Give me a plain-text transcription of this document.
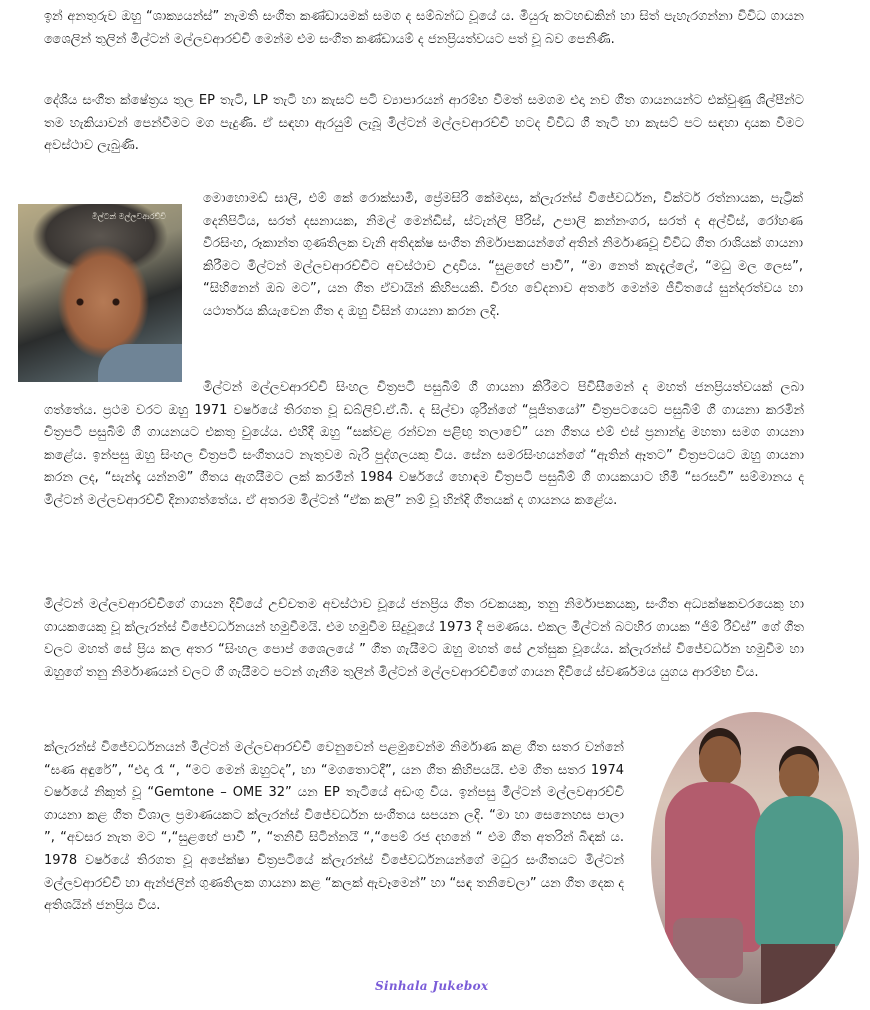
ඉන් අනතුරුව ඔහු “ශාක්‍යයන්ස්” නැමති සංගීත කණ්ඩායමක් සමග ද සම්බන්ධ වූයේ ය. මියුරු කටහඬකින් හා සිත් පැහැරගන්නා විවිධ ගායන ශෛලින් තුලින් මිල්ටන් මල්ලවආරච්චි මෙන්ම එම සංගීත කණ්ඩායම් ද ජනප්‍රියත්වයට පත් වූ බව පෙනිණි.

දේශීය සංගීත ක්ෂේත්‍රය තුල EP තැටි, LP තැටි හා කැසට් පටි ව්‍යාපාරයන් ආරම්භ වීමත් සමගම එදා නව ගීත ගායනයන්ට එක්වුණු ශිල්පීන්ට තම හැකියාවන් පෙන්වීමට මග පැදුණි. ඒ සඳහා ඇරයුම් ලැබූ මිල්ටන් මල්ලවආරච්චි හටද විවිධ ගී තැටි හා කැසට් පට සඳහා දායක වීමට අවස්ථාව ලැබුණි.

මිල්ටන් මල්ලවආරච්චි

මොහොමඩ් සාලි, එම් කේ රොක්සාමි, ප්‍රේමසිරි කේමදාස, ක්ලැරන්ස් විජේවර්ධන, වික්ටර් රත්නායක, පැට්‍රික් දෙනිපිටිය, සරත් දසනායක, නිමල් මෙන්ඩිස්, ස්ටැන්ලි පීරිස්, උපාලි කන්නංගර, සරත් ද අල්විස්, රෝහණ වීරසිංහ, රූකාන්ත ගුණතිලක වැනි අතිදක්ෂ සංගීත නිර්මාපකයන්ගේ අතින් නිර්මාණවූ විවිධ ගීත රාශියක් ගායනා කිරීමට මිල්ටන් මල්ලවආරච්චිට අවස්ථාව උදාවිය. “සුළඟේ පාවී”, “මා නෙත් කැදැල්ලේ, “මධු මල ලෙස”, “සිහිනෙන් ඔබ මට”, යන ගීත ඒවායින් කිහිපයකි. විරහ වේදනාව අතරේ මෙන්ම ජීවිතයේ සුන්දරත්වය හා යථාර්තය කියැවෙන ගීත ද ඔහු විසින් ගායනා කරන ලදි.

මිල්ටන් මල්ලවආරච්චි සිංහල චිත්‍රපටි පසුබිම් ගී ගායනා කිරීමට පිවිසීමෙන් ද මහත් ජනප්‍රියත්වයක් ලබා ගත්තේය. ප්‍රථම වරට ඔහු 1971 වර්ෂයේ තිරගත වූ ඩබ්ලිව්.ඒ.බී. ද සිල්වා ශූරීන්ගේ “පූජිතයෝ” චිත්‍රපටයෙට පසුබිම් ගී ගායනා කරමින් චිත්‍රපටි පසුබිම් ගී ගායනයට එකතු වුයේය. එහිදී ඔහු “සක්වළ රන්වන පළිඟු තලාවේ” යන ගීතය එම් එස් ප්‍රනාන්දු මහතා සමග ගායනා කළේය. ඉන්පසු ඔහු සිංහල චිත්‍රපටි සංගීතයට නැතුවම බැරි පුද්ගලයකු විය. සේන සමරසිංහයන්ගේ “ඇතින් ඈතට” චිත්‍රපටයට ඔහු ගායනා කරන ලද, “සැන්දෑ යන්නම්” ගීතය ඇගයීමට ලක් කරමින් 1984 වර්ෂයේ හොඳම චිත්‍රපටි පසුබිම් ගී ගායකයාට හිමි “සරසවි” සම්මානය ද මිල්ටන් මල්ලවආරච්චි දිනාගත්තේය. ඒ අතරම මිල්ටන් “ඒක කලි” නම් වූ හින්දි ගීතයක් ද ගායනය කළේය.

මිල්ටන් මල්ලවආරච්චිගේ ගායන දිවියේ උච්චතම අවස්ථාව වූයේ ජනප්‍රිය ගීත රචකයකු, තනු නිර්මාපකයකු, සංගීත අධ්‍යක්ෂකවරයෙකු හා ගායකයෙකු වූ ක්ලැරන්ස් විජේවර්ධනයන් හමුවීමයි. එම හමුවීම සිදුවූයේ 1973 දී පමණය. එකල මිල්ටන් බටහිර ගායක “ජිම් රීව්ස්” ගේ ගීත වලට මහත් සේ ප්‍රිය කල අතර “සිංහල පොප් ශෛලයේ ” ගීත ගැයීමට ඔහු මහත් සේ උත්සුක වූයේය. ක්ලැරන්ස් විජේවර්ධන හමුවීම හා ඔහුගේ තනු නිර්මාණයන් වලට ගී ගැයීමට පටන් ගැනීම තුලින් මිල්ටන් මල්ලවආරච්චිගේ ගායන දිවියේ ස්වර්ණමය යුගය ආරම්භ විය.

ක්ලැරන්ස් විජේවර්ධනයන් මිල්ටන් මල්ලවආරච්චි වෙනුවෙන් පළමුවෙන්ම නිර්මාණ කළ ගීත සතර වන්නේ “ඝණ අඳුරේ”, “එදා රෑ “, “මට මෙන් ඔහුටද”, හා “මගතොටදී”, යන ගීත කිහිපයයි. එම ගීත සතර 1974 වර්ෂයේ නිකුත් වූ “Gemtone – OME 32” යන EP තැටියේ අඩංගු විය. ඉන්පසු මිල්ටන් මල්ලවආරච්චි ගායනා කළ ගීත විශාල ප්‍රමාණයකට ක්ලැරන්ස් විජේවර්ධන සංගීතය සපයන ලදි. “මා හා සෙනෙහස පාලා ”, “අවසර නැත මට “,“සුළඟේ පාවී ”, “තනිවී සිටින්නයි “,“පෙම් රජ දහනේ “ එම ගීත අතරින් බිඳක් ය. 1978 වර්ෂයේ තිරගත වූ අපේක්ෂා චිත්‍රපටියේ ක්ලැරන්ස් විජේවර්ධනයන්ගේ මධුර සංගීතයට මිල්ටන් මල්ලවආරච්චි හා ඇන්ජලින් ගුණතිලක ගායනා කළ “කලක් ඇවෑමෙන්” හා “සඳ තනිවෙලා” යන ගීත දෙක ද අතිශයින් ජනප්‍රිය විය.

Sinhala Jukebox
